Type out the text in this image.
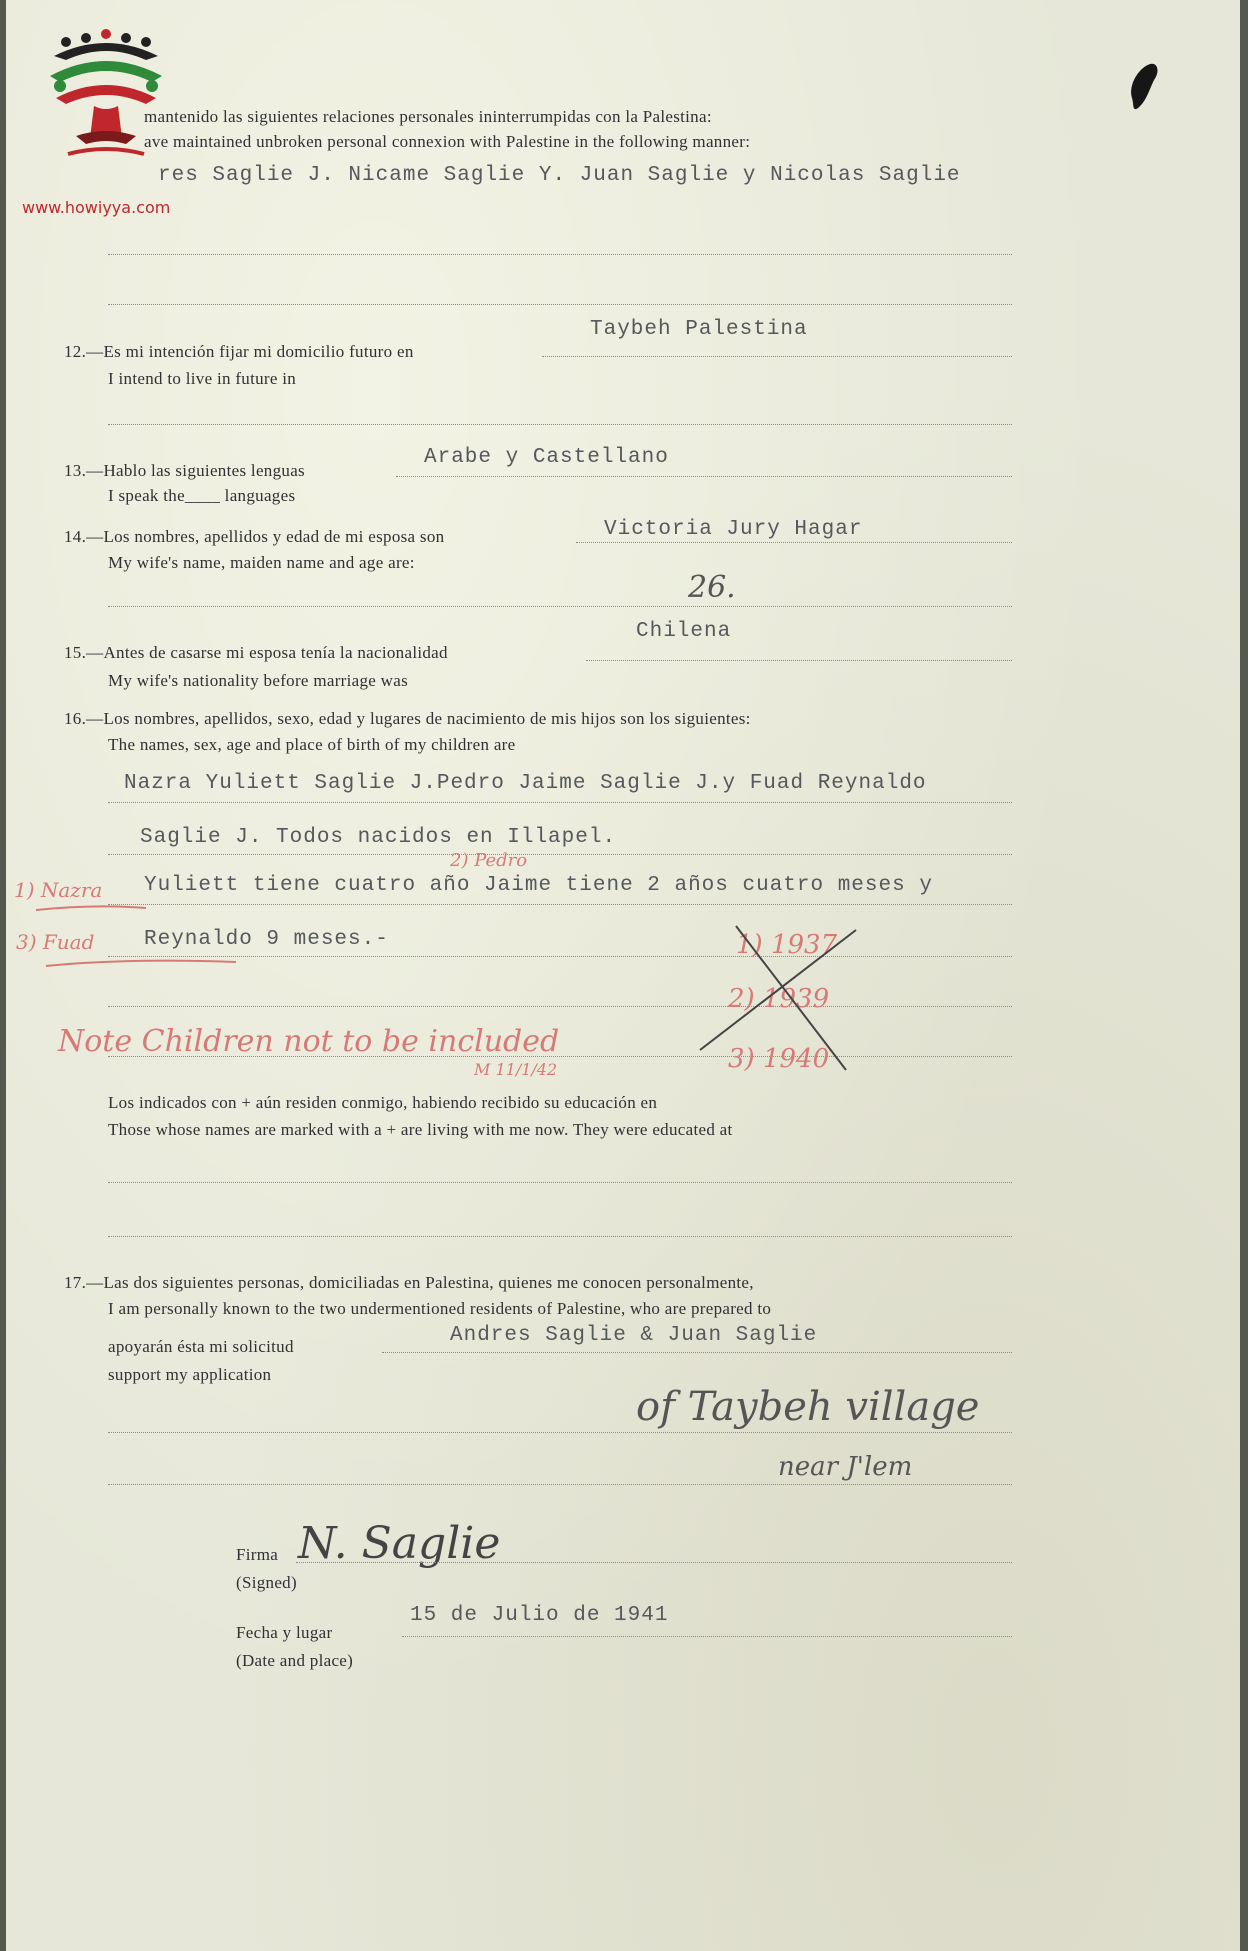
www.howiyya.com
mantenido las siguientes relaciones personales ininterrumpidas con la Palestina:
ave maintained unbroken personal connexion with Palestine in the following manner:
res Saglie J. Nicame Saglie Y. Juan Saglie y Nicolas Saglie
12.—Es mi intención fijar mi domicilio futuro en
I intend to live in future in
Taybeh Palestina
13.—Hablo las siguientes lenguas
I speak the____ languages
Arabe y Castellano
14.—Los nombres, apellidos y edad de mi esposa son
My wife's name, maiden name and age are:
Victoria Jury Hagar
26.
15.—Antes de casarse mi esposa tenía la nacionalidad
My wife's nationality before marriage was
Chilena
16.—Los nombres, apellidos, sexo, edad y lugares de nacimiento de mis hijos son los siguientes:
The names, sex, age and place of birth of my children are
Nazra Yuliett Saglie J.Pedro Jaime Saglie J.y Fuad Reynaldo
Saglie J. Todos nacidos en Illapel.
Yuliett tiene cuatro año Jaime tiene 2 años cuatro meses y
Reynaldo 9 meses.-
1) Nazra
2) Pedro
3) Fuad
Note Children not to be included
M 11/1/42
1) 1937
2) 1939
3) 1940
Los indicados con + aún residen conmigo, habiendo recibido su educación en
Those whose names are marked with a + are living with me now. They were educated at
17.—Las dos siguientes personas, domiciliadas en Palestina, quienes me conocen personalmente,
I am personally known to the two undermentioned residents of Palestine, who are prepared to
apoyarán ésta mi solicitud
support my application
Andres Saglie & Juan Saglie
of Taybeh village
near J'lem
Firma
(Signed)
N. Saglie
Fecha y lugar
(Date and place)
15 de Julio de 1941
